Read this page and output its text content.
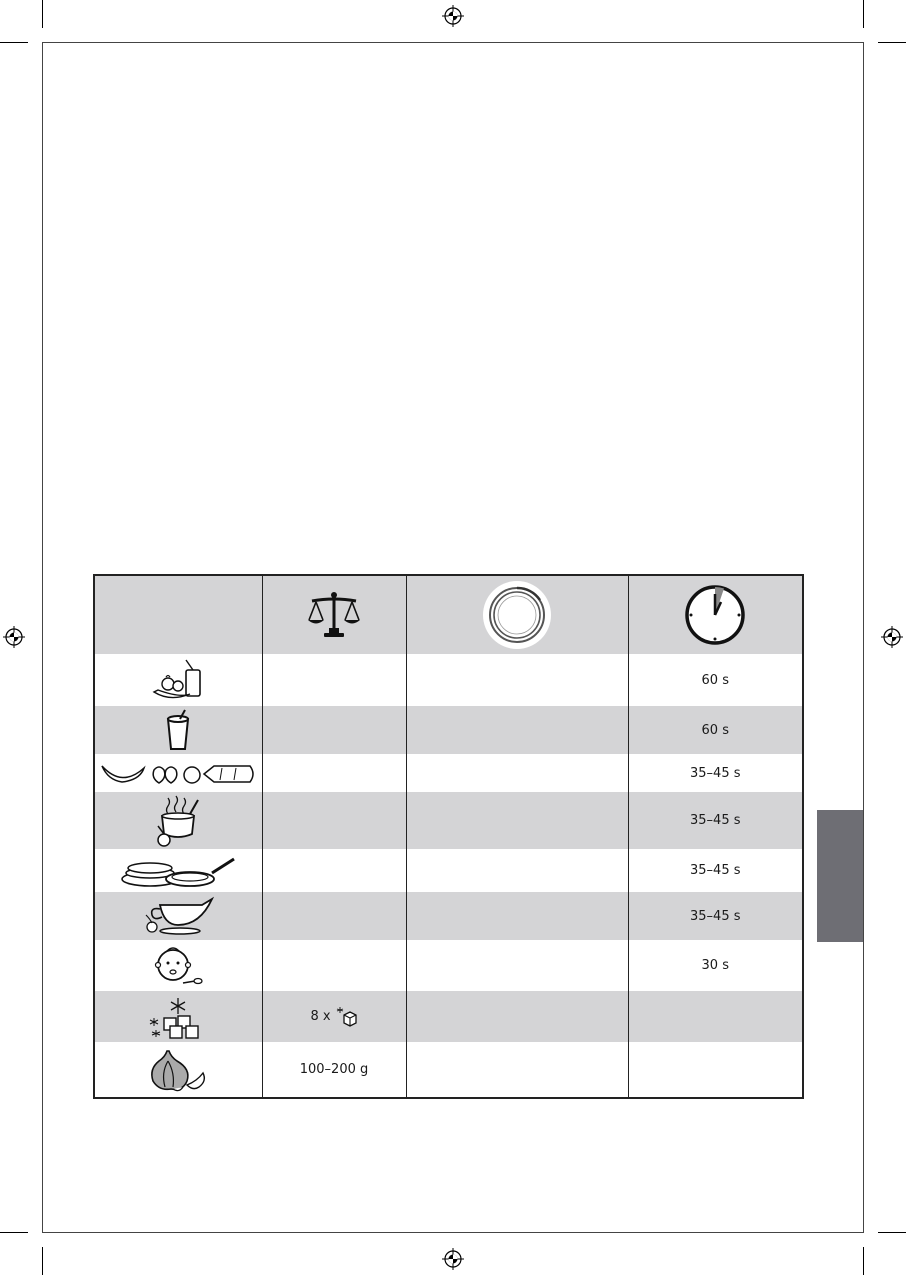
			60 s

			60 s

			35–45 s

			35–45 s

			35–45 s

			35–45 s

			30 s

8 x		

	100–200 g		
